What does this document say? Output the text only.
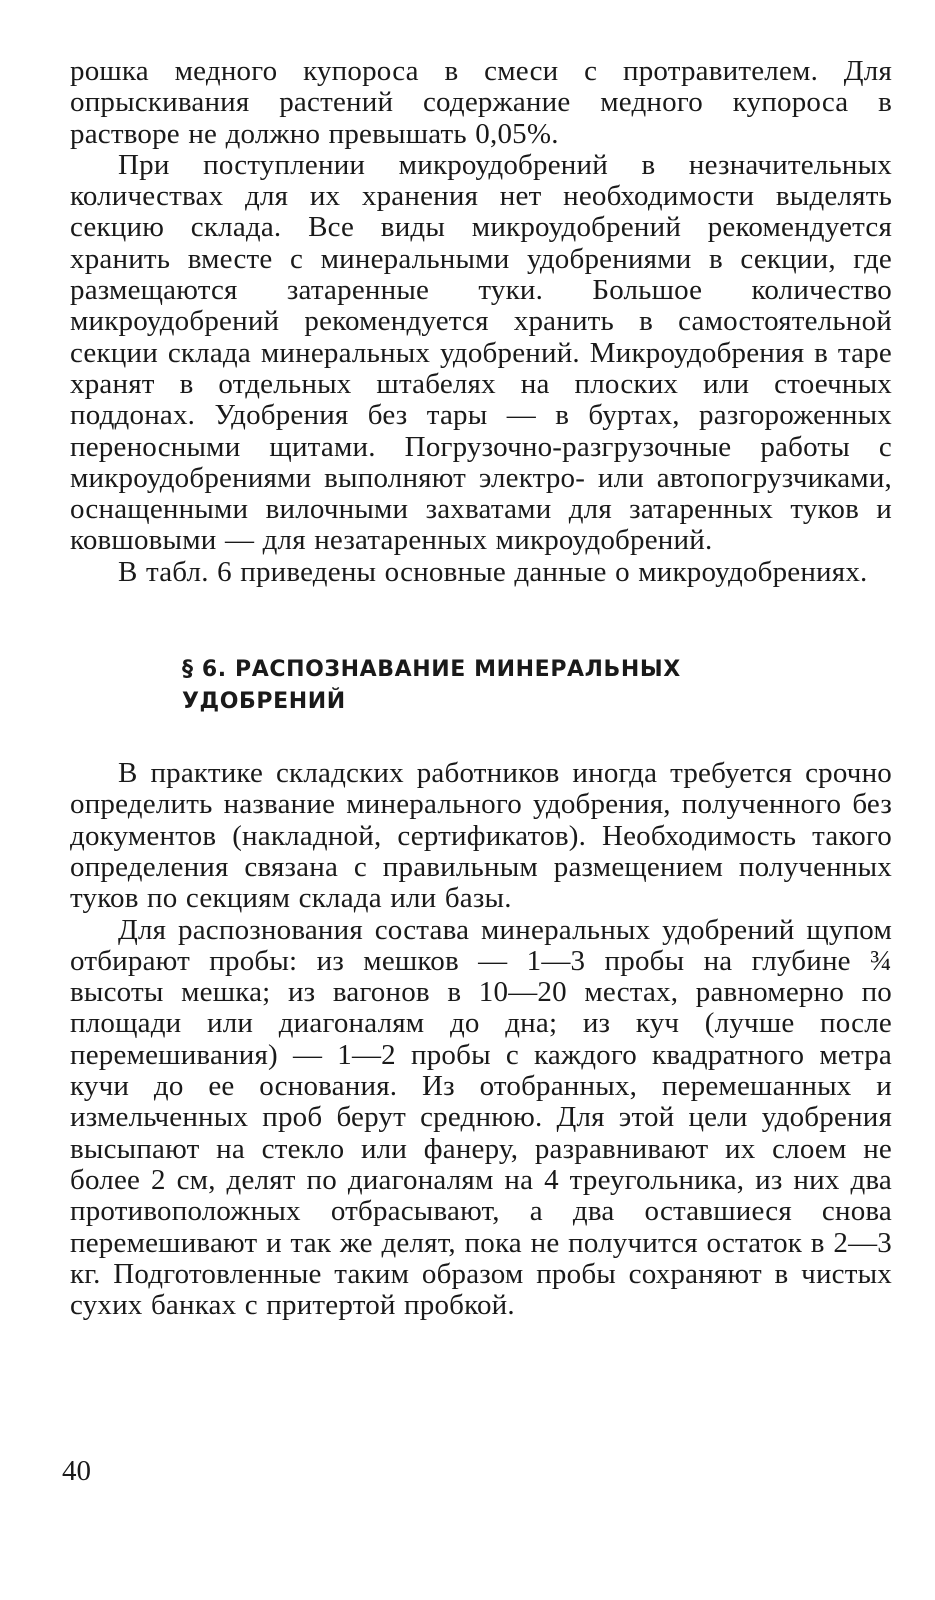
рошка медного купороса в смеси с протравителем. Для опрыскивания растений содержание медного купороса в растворе не должно превышать 0,05%.

При поступлении микроудобрений в незначительных количествах для их хранения нет необходимости выделять секцию склада. Все виды микроудобрений рекомендуется хранить вместе с минеральными удобрениями в секции, где размещаются затаренные туки. Большое количество микроудобрений рекомендуется хранить в самостоятельной секции склада минеральных удобрений. Микроудобрения в таре хранят в отдельных штабелях на плоских или стоечных поддонах. Удобрения без тары — в буртах, разгороженных переносными щитами. Погрузочно-разгрузочные работы с микроудобрениями выполняют электро- или автопогрузчиками, оснащенными вилочными захватами для затаренных туков и ковшовыми — для незатаренных микроудобрений.

В табл. 6 приведены основные данные о микроудобрениях.

§ 6. РАСПОЗНАВАНИЕ МИНЕРАЛЬНЫХ

УДОБРЕНИЙ

В практике складских работников иногда требуется срочно определить название минерального удобрения, полученного без документов (накладной, сертификатов). Необходимость такого определения связана с правильным размещением полученных туков по секциям склада или базы.

Для распознования состава минеральных удобрений щупом отбирают пробы: из мешков — 1—3 пробы на глубине ¾ высоты мешка; из вагонов в 10—20 местах, равномерно по площади или диагоналям до дна; из куч (лучше после перемешивания) — 1—2 пробы с каждого квадратного метра кучи до ее основания. Из отобранных, перемешанных и измельченных проб берут среднюю. Для этой цели удобрения высыпают на стекло или фанеру, разравнивают их слоем не более 2 см, делят по диагоналям на 4 треугольника, из них два противоположных отбрасывают, а два оставшиеся снова перемешивают и так же делят, пока не получится остаток в 2—3 кг. Подготовленные таким образом пробы сохраняют в чистых сухих банках с притертой пробкой.

40
